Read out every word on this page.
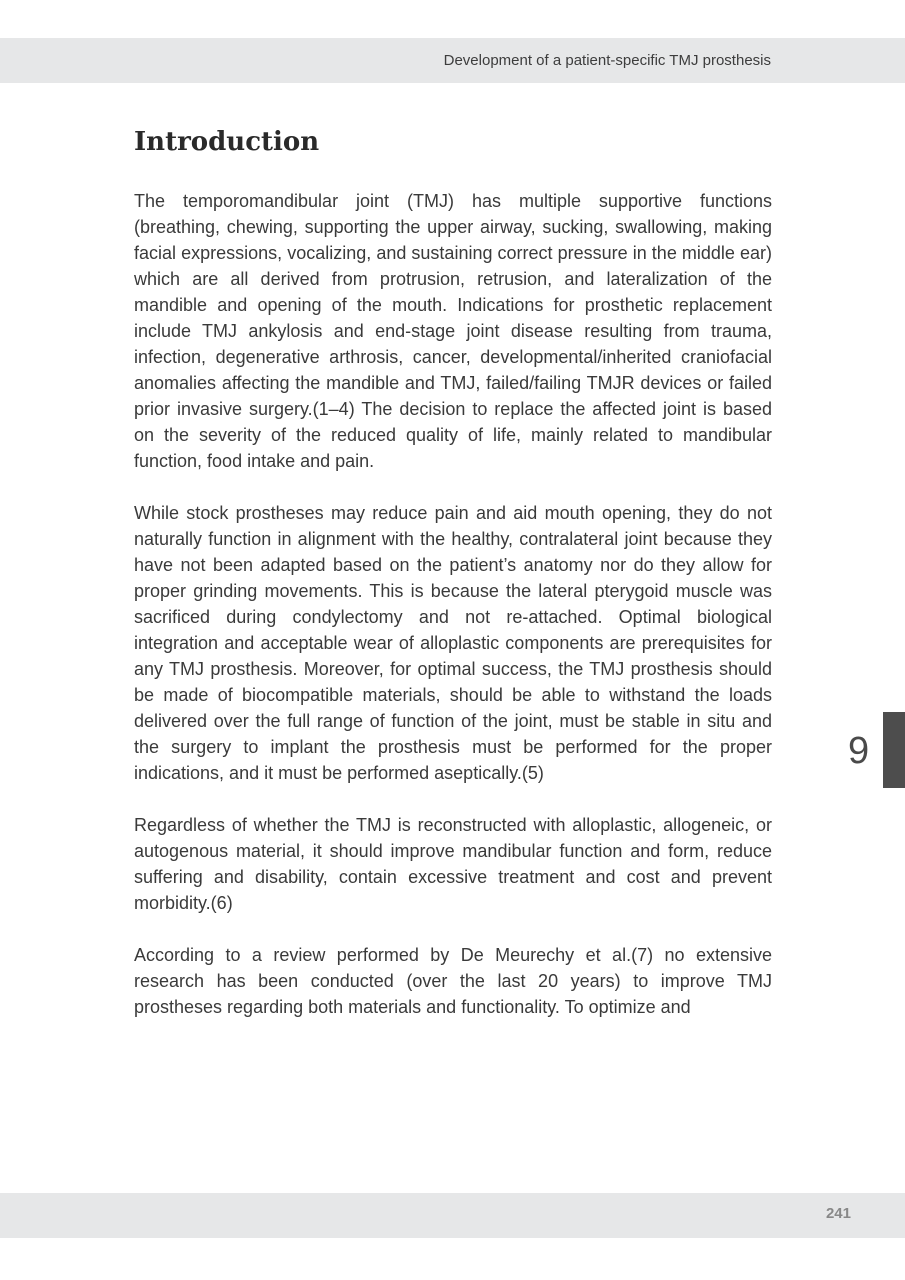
Development of a patient-specific TMJ prosthesis
Introduction

The temporomandibular joint (TMJ) has multiple supportive functions (breathing, chewing, supporting the upper airway, sucking, swallowing, making facial expressions, vocalizing, and sustaining correct pressure in the middle ear) which are all derived from protrusion, retrusion, and lateralization of the mandible and opening of the mouth. Indications for prosthetic replacement include TMJ ankylosis and end-stage joint disease resulting from trauma, infection, degenerative arthrosis, cancer, developmental/inherited craniofacial anomalies affecting the mandible and TMJ, failed/failing TMJR devices or failed prior invasive surgery.(1–4) The decision to replace the affected joint is based on the severity of the reduced quality of life, mainly related to mandibular function, food intake and pain.

While stock prostheses may reduce pain and aid mouth opening, they do not naturally function in alignment with the healthy, contralateral joint because they have not been adapted based on the patient’s anatomy nor do they allow for proper grinding movements. This is because the lateral pterygoid muscle was sacrificed during condylectomy and not re-attached. Optimal biological integration and acceptable wear of alloplastic components are prerequisites for any TMJ prosthesis. Moreover, for optimal success, the TMJ prosthesis should be made of biocompatible materials, should be able to withstand the loads delivered over the full range of function of the joint, must be stable in situ and the surgery to implant the prosthesis must be performed for the proper indications, and it must be performed aseptically.(5)

Regardless of whether the TMJ is reconstructed with alloplastic, allogeneic, or autogenous material, it should improve mandibular function and form, reduce suffering and disability, contain excessive treatment and cost and prevent morbidity.(6)

According to a review performed by De Meurechy et al.(7) no extensive research has been conducted (over the last 20 years) to improve TMJ prostheses regarding both materials and functionality. To optimize and

9
241
